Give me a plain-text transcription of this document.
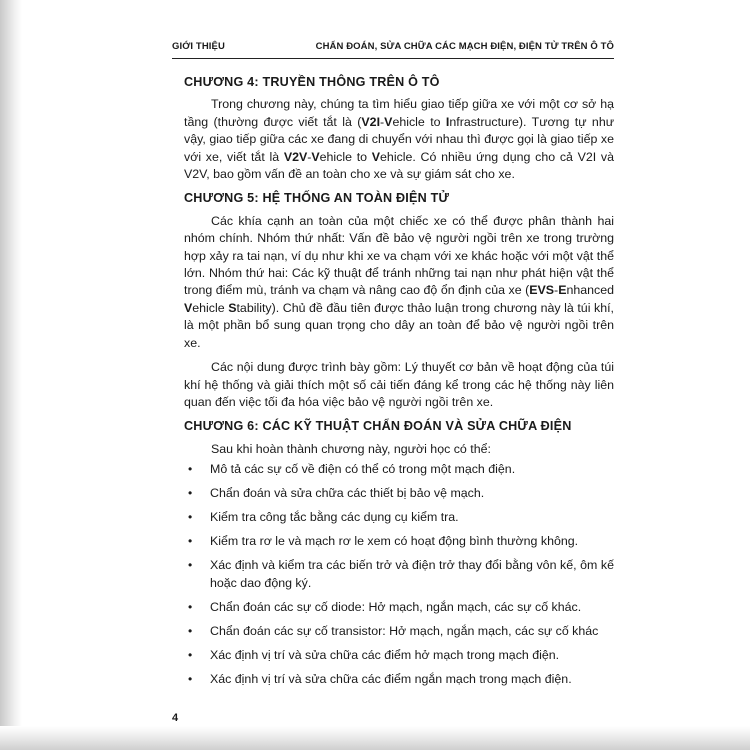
GIỚI THIỆU	CHẨN ĐOÁN, SỬA CHỮA CÁC MẠCH ĐIỆN, ĐIỆN TỬ TRÊN Ô TÔ
CHƯƠNG 4: TRUYỀN THÔNG TRÊN Ô TÔ

Trong chương này, chúng ta tìm hiểu giao tiếp giữa xe với một cơ sở hạ tầng (thường được viết tắt là (V2I-Vehicle to Infrastructure). Tương tự như vậy, giao tiếp giữa các xe đang di chuyển với nhau thì được gọi là giao tiếp xe với xe, viết tắt là V2V-Vehicle to Vehicle. Có nhiều ứng dụng cho cả V2I và V2V, bao gồm vấn đề an toàn cho xe và sự giám sát cho xe.

CHƯƠNG 5: HỆ THỐNG AN TOÀN ĐIỆN TỬ

Các khía cạnh an toàn của một chiếc xe có thể được phân thành hai nhóm chính. Nhóm thứ nhất: Vấn đề bảo vệ người ngồi trên xe trong trường hợp xảy ra tai nạn, ví dụ như khi xe va chạm với xe khác hoặc với một vật thể lớn. Nhóm thứ hai: Các kỹ thuật để tránh những tai nạn như phát hiện vật thể trong điểm mù, tránh va chạm và nâng cao độ ổn định của xe (EVS-Enhanced Vehicle Stability). Chủ đề đầu tiên được thảo luận trong chương này là túi khí, là một phần bổ sung quan trọng cho dây an toàn để bảo vệ người ngồi trên xe.

Các nội dung được trình bày gồm: Lý thuyết cơ bản về hoạt động của túi khí hệ thống và giải thích một số cải tiến đáng kể trong các hệ thống này liên quan đến việc tối đa hóa việc bảo vệ người ngồi trên xe.

CHƯƠNG 6: CÁC KỸ THUẬT CHẨN ĐOÁN VÀ SỬA CHỮA ĐIỆN

Sau khi hoàn thành chương này, người học có thể:

• Mô tả các sự cố về điện có thể có trong một mạch điện.
• Chẩn đoán và sửa chữa các thiết bị bảo vệ mạch.
• Kiểm tra công tắc bằng các dụng cụ kiểm tra.
• Kiểm tra rơ le và mạch rơ le xem có hoạt động bình thường không.
• Xác định và kiểm tra các biến trở và điện trở thay đổi bằng vôn kế, ôm kế hoặc dao động ký.
• Chẩn đoán các sự cố diode: Hở mạch, ngắn mạch, các sự cố khác.
• Chẩn đoán các sự cố transistor: Hở mạch, ngắn mạch, các sự cố khác
• Xác định vị trí và sửa chữa các điểm hở mạch trong mạch điện.
• Xác định vị trí và sửa chữa các điểm ngắn mạch trong mạch điện.
4
